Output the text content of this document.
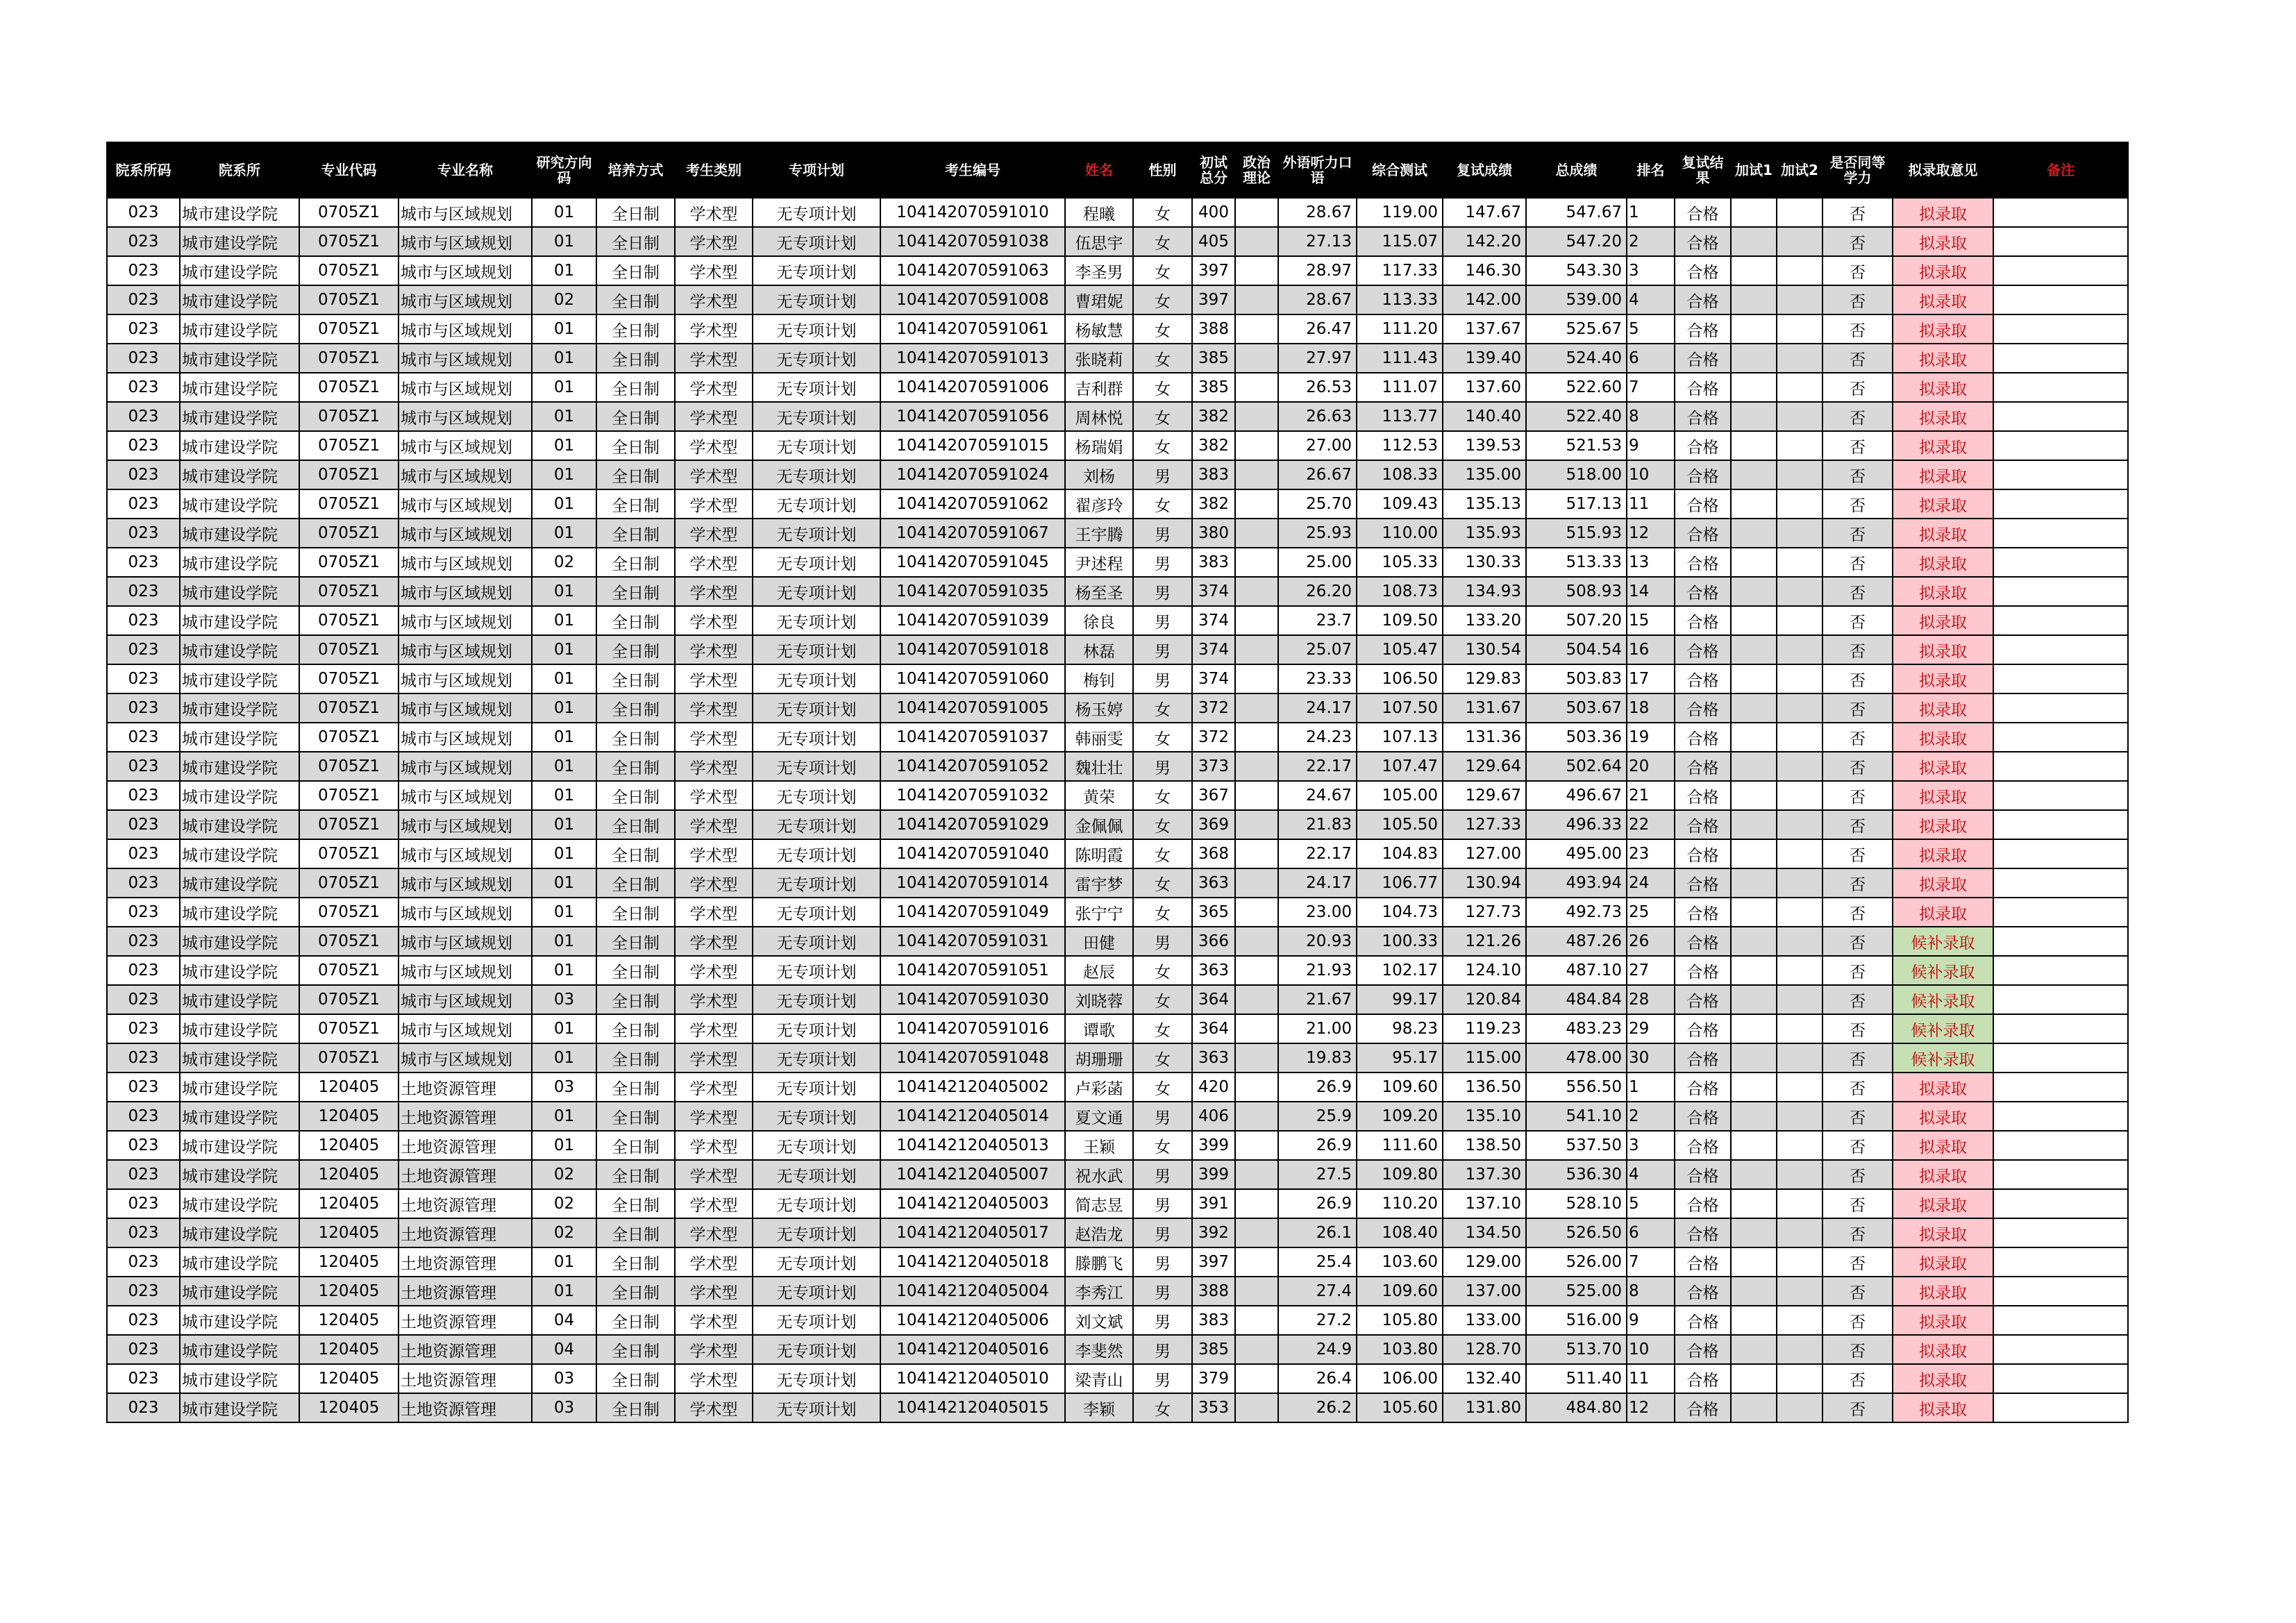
院系所码	院系所	专业代码	专业名称	研究方向码	培养方式	考生类别	专项计划	考生编号	姓名	性别	初试总分	政治理论	外语听力口语	综合测试	复试成绩	总成绩	排名	复试结果	加试1	加试2	是否同等学力	拟录取意见	备注
023	城市建设学院	0705Z1	城市与区域规划	01	全日制	学术型	无专项计划	104142070591010	程曦	女	400		28.67	119.00	147.67	547.67	1	合格			否	拟录取	
023	城市建设学院	0705Z1	城市与区域规划	01	全日制	学术型	无专项计划	104142070591038	伍思宇	女	405		27.13	115.07	142.20	547.20	2	合格			否	拟录取	
023	城市建设学院	0705Z1	城市与区域规划	01	全日制	学术型	无专项计划	104142070591063	李圣男	女	397		28.97	117.33	146.30	543.30	3	合格			否	拟录取	
023	城市建设学院	0705Z1	城市与区域规划	02	全日制	学术型	无专项计划	104142070591008	曹珺妮	女	397		28.67	113.33	142.00	539.00	4	合格			否	拟录取	
023	城市建设学院	0705Z1	城市与区域规划	01	全日制	学术型	无专项计划	104142070591061	杨敏慧	女	388		26.47	111.20	137.67	525.67	5	合格			否	拟录取	
023	城市建设学院	0705Z1	城市与区域规划	01	全日制	学术型	无专项计划	104142070591013	张晓莉	女	385		27.97	111.43	139.40	524.40	6	合格			否	拟录取	
023	城市建设学院	0705Z1	城市与区域规划	01	全日制	学术型	无专项计划	104142070591006	吉利群	女	385		26.53	111.07	137.60	522.60	7	合格			否	拟录取	
023	城市建设学院	0705Z1	城市与区域规划	01	全日制	学术型	无专项计划	104142070591056	周林悦	女	382		26.63	113.77	140.40	522.40	8	合格			否	拟录取	
023	城市建设学院	0705Z1	城市与区域规划	01	全日制	学术型	无专项计划	104142070591015	杨瑞娟	女	382		27.00	112.53	139.53	521.53	9	合格			否	拟录取	
023	城市建设学院	0705Z1	城市与区域规划	01	全日制	学术型	无专项计划	104142070591024	刘杨	男	383		26.67	108.33	135.00	518.00	10	合格			否	拟录取	
023	城市建设学院	0705Z1	城市与区域规划	01	全日制	学术型	无专项计划	104142070591062	翟彦玲	女	382		25.70	109.43	135.13	517.13	11	合格			否	拟录取	
023	城市建设学院	0705Z1	城市与区域规划	01	全日制	学术型	无专项计划	104142070591067	王宇腾	男	380		25.93	110.00	135.93	515.93	12	合格			否	拟录取	
023	城市建设学院	0705Z1	城市与区域规划	02	全日制	学术型	无专项计划	104142070591045	尹述程	男	383		25.00	105.33	130.33	513.33	13	合格			否	拟录取	
023	城市建设学院	0705Z1	城市与区域规划	01	全日制	学术型	无专项计划	104142070591035	杨至圣	男	374		26.20	108.73	134.93	508.93	14	合格			否	拟录取	
023	城市建设学院	0705Z1	城市与区域规划	01	全日制	学术型	无专项计划	104142070591039	徐良	男	374		23.7	109.50	133.20	507.20	15	合格			否	拟录取	
023	城市建设学院	0705Z1	城市与区域规划	01	全日制	学术型	无专项计划	104142070591018	林磊	男	374		25.07	105.47	130.54	504.54	16	合格			否	拟录取	
023	城市建设学院	0705Z1	城市与区域规划	01	全日制	学术型	无专项计划	104142070591060	梅钊	男	374		23.33	106.50	129.83	503.83	17	合格			否	拟录取	
023	城市建设学院	0705Z1	城市与区域规划	01	全日制	学术型	无专项计划	104142070591005	杨玉婷	女	372		24.17	107.50	131.67	503.67	18	合格			否	拟录取	
023	城市建设学院	0705Z1	城市与区域规划	01	全日制	学术型	无专项计划	104142070591037	韩丽雯	女	372		24.23	107.13	131.36	503.36	19	合格			否	拟录取	
023	城市建设学院	0705Z1	城市与区域规划	01	全日制	学术型	无专项计划	104142070591052	魏壮壮	男	373		22.17	107.47	129.64	502.64	20	合格			否	拟录取	
023	城市建设学院	0705Z1	城市与区域规划	01	全日制	学术型	无专项计划	104142070591032	黄荣	女	367		24.67	105.00	129.67	496.67	21	合格			否	拟录取	
023	城市建设学院	0705Z1	城市与区域规划	01	全日制	学术型	无专项计划	104142070591029	金佩佩	女	369		21.83	105.50	127.33	496.33	22	合格			否	拟录取	
023	城市建设学院	0705Z1	城市与区域规划	01	全日制	学术型	无专项计划	104142070591040	陈明霞	女	368		22.17	104.83	127.00	495.00	23	合格			否	拟录取	
023	城市建设学院	0705Z1	城市与区域规划	01	全日制	学术型	无专项计划	104142070591014	雷宇梦	女	363		24.17	106.77	130.94	493.94	24	合格			否	拟录取	
023	城市建设学院	0705Z1	城市与区域规划	01	全日制	学术型	无专项计划	104142070591049	张宁宁	女	365		23.00	104.73	127.73	492.73	25	合格			否	拟录取	
023	城市建设学院	0705Z1	城市与区域规划	01	全日制	学术型	无专项计划	104142070591031	田健	男	366		20.93	100.33	121.26	487.26	26	合格			否	候补录取	
023	城市建设学院	0705Z1	城市与区域规划	01	全日制	学术型	无专项计划	104142070591051	赵辰	女	363		21.93	102.17	124.10	487.10	27	合格			否	候补录取	
023	城市建设学院	0705Z1	城市与区域规划	03	全日制	学术型	无专项计划	104142070591030	刘晓蓉	女	364		21.67	99.17	120.84	484.84	28	合格			否	候补录取	
023	城市建设学院	0705Z1	城市与区域规划	01	全日制	学术型	无专项计划	104142070591016	谭歌	女	364		21.00	98.23	119.23	483.23	29	合格			否	候补录取	
023	城市建设学院	0705Z1	城市与区域规划	01	全日制	学术型	无专项计划	104142070591048	胡珊珊	女	363		19.83	95.17	115.00	478.00	30	合格			否	候补录取	
023	城市建设学院	120405	土地资源管理	03	全日制	学术型	无专项计划	104142120405002	卢彩菡	女	420		26.9	109.60	136.50	556.50	1	合格			否	拟录取	
023	城市建设学院	120405	土地资源管理	01	全日制	学术型	无专项计划	104142120405014	夏文通	男	406		25.9	109.20	135.10	541.10	2	合格			否	拟录取	
023	城市建设学院	120405	土地资源管理	01	全日制	学术型	无专项计划	104142120405013	王颖	女	399		26.9	111.60	138.50	537.50	3	合格			否	拟录取	
023	城市建设学院	120405	土地资源管理	02	全日制	学术型	无专项计划	104142120405007	祝水武	男	399		27.5	109.80	137.30	536.30	4	合格			否	拟录取	
023	城市建设学院	120405	土地资源管理	02	全日制	学术型	无专项计划	104142120405003	简志昱	男	391		26.9	110.20	137.10	528.10	5	合格			否	拟录取	
023	城市建设学院	120405	土地资源管理	02	全日制	学术型	无专项计划	104142120405017	赵浩龙	男	392		26.1	108.40	134.50	526.50	6	合格			否	拟录取	
023	城市建设学院	120405	土地资源管理	01	全日制	学术型	无专项计划	104142120405018	滕鹏飞	男	397		25.4	103.60	129.00	526.00	7	合格			否	拟录取	
023	城市建设学院	120405	土地资源管理	01	全日制	学术型	无专项计划	104142120405004	李秀江	男	388		27.4	109.60	137.00	525.00	8	合格			否	拟录取	
023	城市建设学院	120405	土地资源管理	04	全日制	学术型	无专项计划	104142120405006	刘文斌	男	383		27.2	105.80	133.00	516.00	9	合格			否	拟录取	
023	城市建设学院	120405	土地资源管理	04	全日制	学术型	无专项计划	104142120405016	李斐然	男	385		24.9	103.80	128.70	513.70	10	合格			否	拟录取	
023	城市建设学院	120405	土地资源管理	03	全日制	学术型	无专项计划	104142120405010	梁青山	男	379		26.4	106.00	132.40	511.40	11	合格			否	拟录取	
023	城市建设学院	120405	土地资源管理	03	全日制	学术型	无专项计划	104142120405015	李颖	女	353		26.2	105.60	131.80	484.80	12	合格			否	拟录取	
